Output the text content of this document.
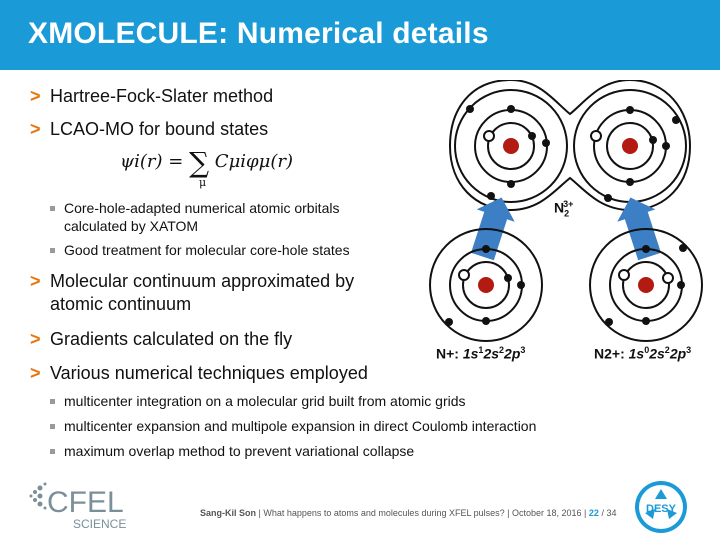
XMOLECULE: Numerical details
> Hartree-Fock-Slater method
> LCAO-MO for bound states
ψi(r) = ∑ Cμiφμ(r)
μ
Core-hole-adapted numerical atomic orbitals
calculated by XATOM
Good treatment for molecular core-hole states
> Molecular continuum approximated by
atomic continuum
> Gradients calculated on the fly
> Various numerical techniques employed
multicenter integration on a molecular grid built from atomic grids
multicenter expansion and multipole expansion in direct Coulomb interaction
maximum overlap method to prevent variational collapse
$N_2^{3+}$
N+: $1s^12s^22p^3$	N2+: $1s^02s^22p^3$
CFEL
SCIENCE
Sang-Kil Son | What happens to atoms and molecules during XFEL pulses? | October 18, 2016 | 22 / 34	DESY
